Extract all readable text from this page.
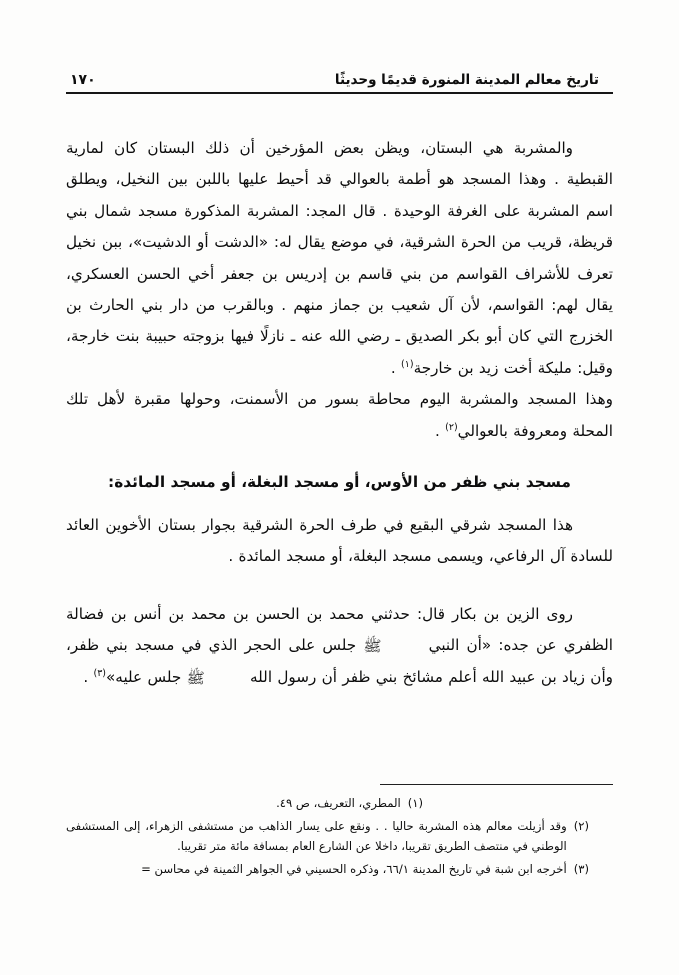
تاريخ معالم المدينة المنورة قديمًا وحديثًا
١٧٠

والمشربة هي البستان، ويظن بعض المؤرخين أن ذلك البستان كان لمارية القبطية . وهذا المسجد هو أطمة بالعوالي قد أحيط عليها باللبن بين النخيل، ويطلق اسم المشربة على الغرفة الوحيدة . قال المجد: المشربة المذكورة مسجد شمال بني قريظة، قريب من الحرة الشرقية، في موضع يقال له: «الدشت أو الدشيت»، ببن نخيل تعرف للأشراف القواسم من بني قاسم بن إدريس بن جعفر أخي الحسن العسكري، يقال لهم: القواسم، لأن آل شعيب بن جماز منهم . وبالقرب من دار بني الحارث بن الخزرج التي كان أبو بكر الصديق ـ رضي الله عنه ـ نازلًا فيها بزوجته حبيبة بنت خارجة، وقيل: مليكة أخت زيد بن خارجة$^{(١)}$ .

وهذا المسجد والمشربة اليوم محاطة بسور من الأسمنت، وحولها مقبرة لأهل تلك المحلة ومعروفة بالعوالي$^{(٢)}$ .

مسجد بني ظفر من الأوس، أو مسجد البغلة، أو مسجد المائدة:

هذا المسجد شرقي البقيع في طرف الحرة الشرقية بجوار بستان الأخوين العائد للسادة آل الرفاعي، ويسمى مسجد البغلة، أو مسجد المائدة .

روى الزين بن بكار قال: حدثني محمد بن الحسن بن محمد بن أنس بن فضالة الظفري عن جده: «أن النبي ﷺ جلس على الحجر الذي في مسجد بني ظفر، وأن زياد بن عبيد الله أعلم مشائخ بني ظفر أن رسول الله ﷺ جلس عليه»$^{(٣)}$ .

(١)
المطري، التعريف، ص ٤٩.
(٢)
وقد أزيلت معالم هذه المشربة حاليا . . ونقع على يسار الذاهب من مستشفى الزهراء، إلى المستشفى الوطني في منتصف الطريق تقريبا، داخلا عن الشارع العام بمسافة مائة متر تقريبا.
(٣)
أخرجه ابن شبة في تاريخ المدينة ٦٦/١، وذكره الحسيني في الجواهر الثمينة في محاسن =
